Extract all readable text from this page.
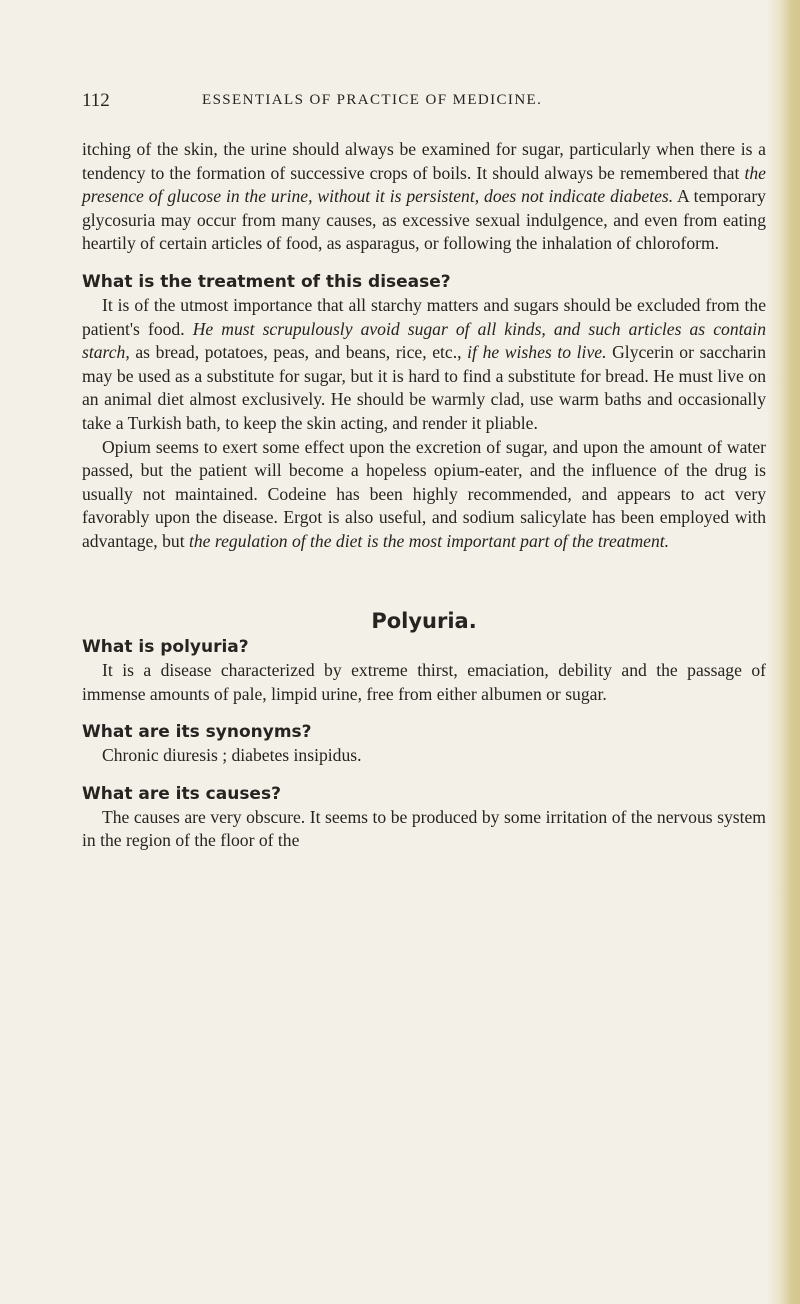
112	ESSENTIALS OF PRACTICE OF MEDICINE.

itching of the skin, the urine should always be examined for sugar, particularly when there is a tendency to the formation of successive crops of boils. It should always be remembered that the presence of glucose in the urine, without it is persistent, does not indicate diabetes. A temporary glycosuria may occur from many causes, as excessive sexual indulgence, and even from eating heartily of certain articles of food, as asparagus, or following the inhalation of chloroform.

What is the treatment of this disease?

It is of the utmost importance that all starchy matters and sugars should be excluded from the patient's food. He must scrupulously avoid sugar of all kinds, and such articles as contain starch, as bread, potatoes, peas, and beans, rice, etc., if he wishes to live. Glycerin or saccharin may be used as a substitute for sugar, but it is hard to find a substitute for bread. He must live on an animal diet almost exclusively. He should be warmly clad, use warm baths and occasionally take a Turkish bath, to keep the skin acting, and render it pliable.

Opium seems to exert some effect upon the excretion of sugar, and upon the amount of water passed, but the patient will become a hopeless opium-eater, and the influence of the drug is usually not maintained. Codeine has been highly recommended, and appears to act very favorably upon the disease. Ergot is also useful, and sodium salicylate has been employed with advantage, but the regulation of the diet is the most important part of the treatment.

Polyuria.
What is polyuria?

It is a disease characterized by extreme thirst, emaciation, debility and the passage of immense amounts of pale, limpid urine, free from either albumen or sugar.

What are its synonyms?

Chronic diuresis ; diabetes insipidus.

What are its causes?

The causes are very obscure. It seems to be produced by some irritation of the nervous system in the region of the floor of the
